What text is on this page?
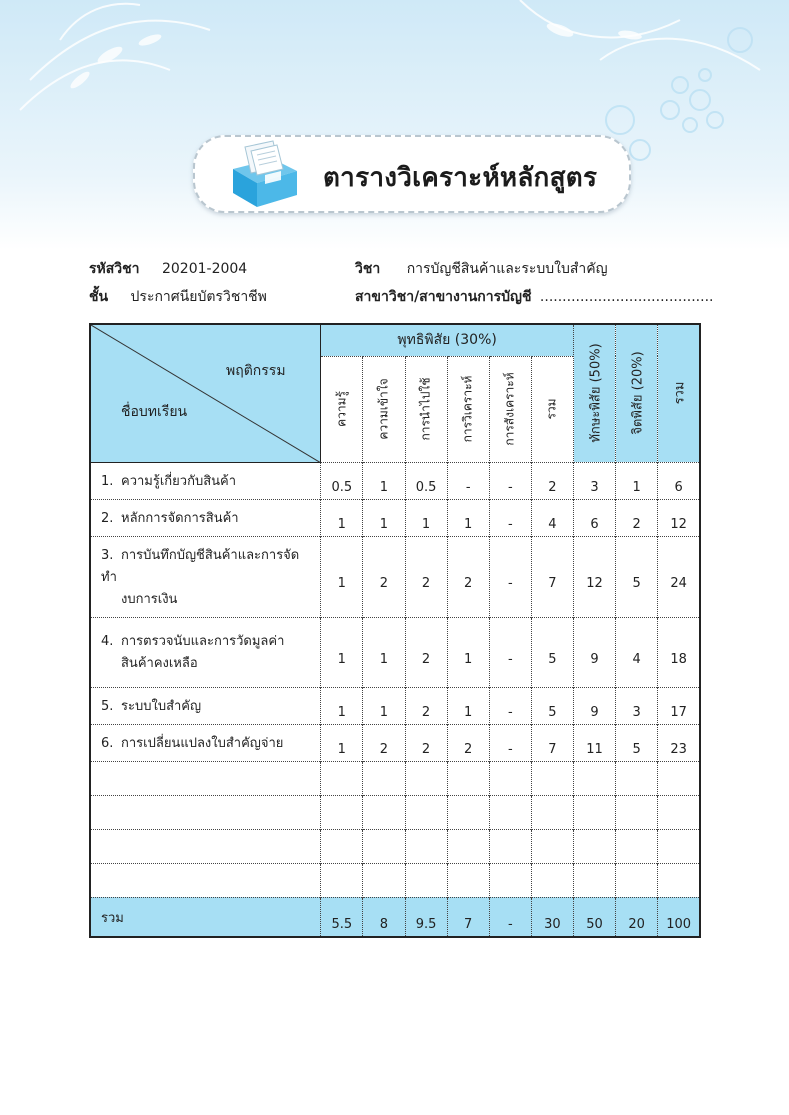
ตารางวิเคราะห์หลักสูตร
รหัสวิชา 20201-2004	วิชา การบัญชีสินค้าและระบบใบสำคัญ
ชั้น ประกาศนียบัตรวิชาชีพ	สาขาวิชา/สาขางานการบัญชี .......................................
พฤติกรรม
ชื่อบทเรียน	พุทธิพิสัย (30%)						ทักษะพิสัย (50%)	จิตพิสัย (20%)	รวม

	ความรู้	ความเข้าใจ	การนำไปใช้	การวิเคราะห์	การสังเคราะห์	รวม			

1. ความรู้เกี่ยวกับสินค้า	0.5	1	0.5	-	-	2	3	1	6
2. หลักการจัดการสินค้า	1	1	1	1	-	4	6	2	12
3. การบันทึกบัญชีสินค้าและการจัดทำ
งบการเงิน	1	2	2	2	-	7	12	5	24
4. การตรวจนับและการวัดมูลค่า
สินค้าคงเหลือ	1	1	2	1	-	5	9	4	18
5. ระบบใบสำคัญ	1	1	2	1	-	5	9	3	17
6. การเปลี่ยนแปลงใบสำคัญจ่าย	1	2	2	2	-	7	11	5	23

รวม	5.5	8	9.5	7	-	30	50	20	100
